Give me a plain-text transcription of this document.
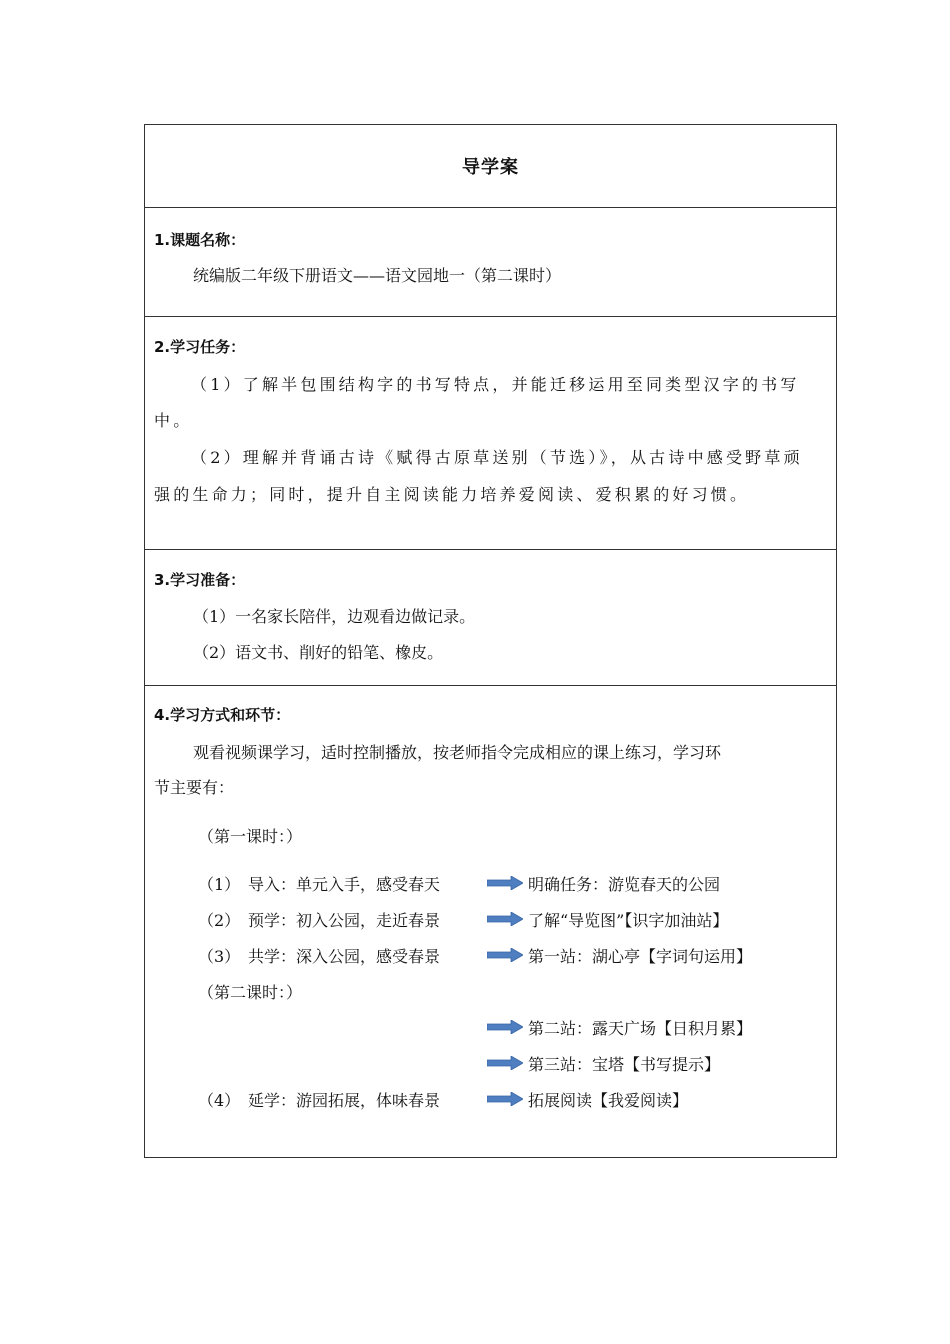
导学案
1.课题名称：
统编版二年级下册语文——语文园地一（第二课时）
2.学习任务：
（1）了解半包围结构字的书写特点，并能迁移运用至同类型汉字的书写
中。
（2）理解并背诵古诗《赋得古原草送别（节选）》，从古诗中感受野草顽
强的生命力；同时，提升自主阅读能力培养爱阅读、爱积累的好习惯。
3.学习准备：
（1）一名家长陪伴，边观看边做记录。
（2）语文书、削好的铅笔、橡皮。
4.学习方式和环节：
观看视频课学习，适时控制播放，按老师指令完成相应的课上练习，学习环
节主要有：
（第一课时：）
（1） 导入：单元入手，感受春天	明确任务：游览春天的公园
（2） 预学：初入公园，走近春景	了解“导览图”【识字加油站】
（3） 共学：深入公园，感受春景	第一站：湖心亭【字词句运用】
（第二课时：）
第二站：露天广场【日积月累】
第三站：宝塔【书写提示】
（4） 延学：游园拓展，体味春景	拓展阅读【我爱阅读】
